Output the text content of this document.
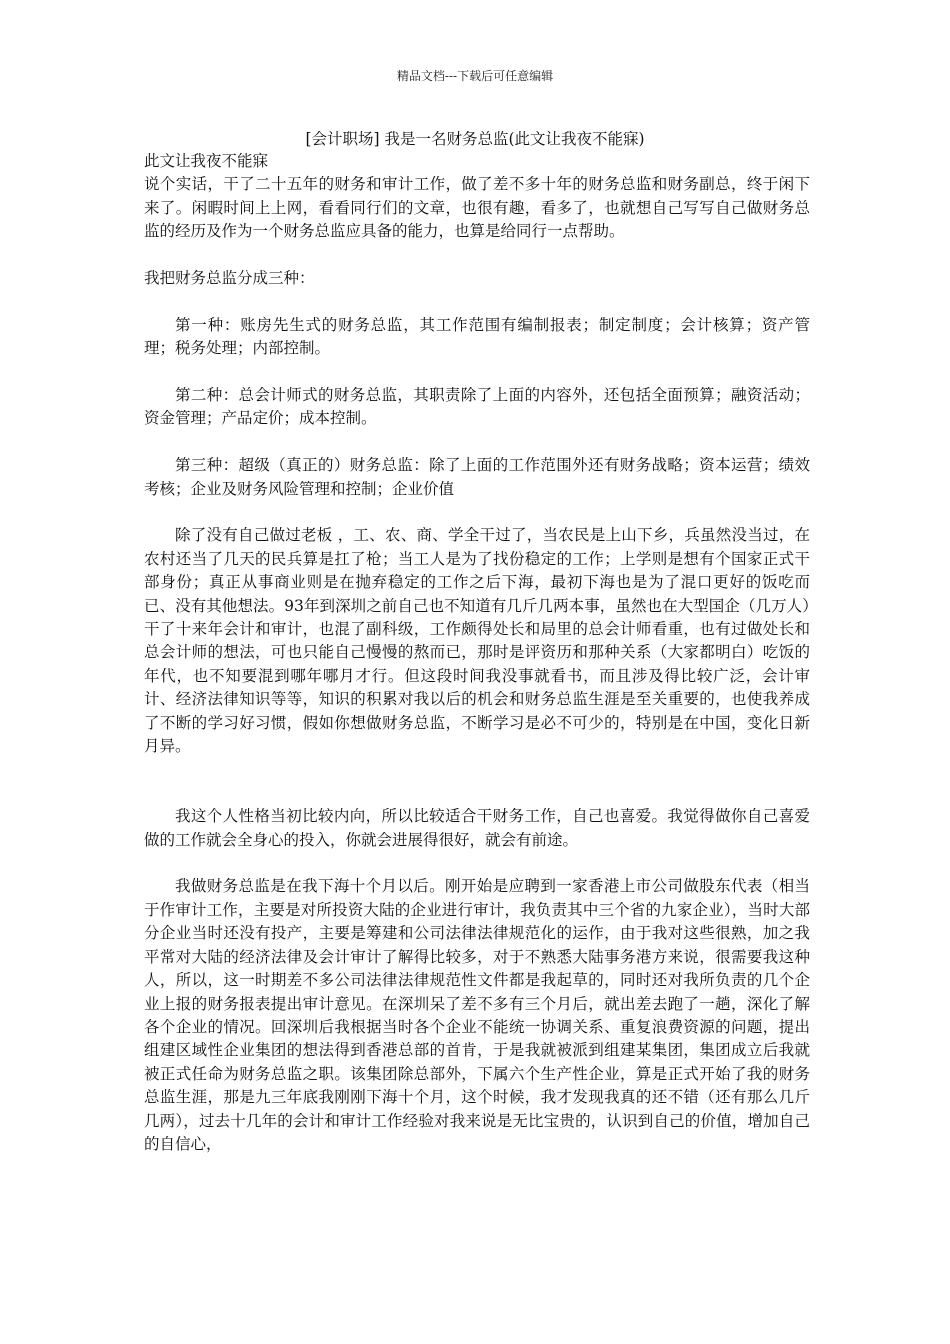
精品文档---下载后可任意编辑
[会计职场] 我是一名财务总监(此文让我夜不能寐)

此文让我夜不能寐

说个实话，干了二十五年的财务和审计工作，做了差不多十年的财务总监和财务副总，终于闲下来了。闲暇时间上上网，看看同行们的文章，也很有趣，看多了，也就想自己写写自己做财务总监的经历及作为一个财务总监应具备的能力，也算是给同行一点帮助。

我把财务总监分成三种：

第一种：账房先生式的财务总监，其工作范围有编制报表；制定制度；会计核算；资产管理；税务处理；内部控制。

第二种：总会计师式的财务总监，其职责除了上面的内容外，还包括全面预算；融资活动；资金管理；产品定价；成本控制。

第三种：超级（真正的）财务总监：除了上面的工作范围外还有财务战略；资本运营；绩效考核；企业及财务风险管理和控制；企业价值

除了没有自己做过老板 ，工、农、商、学全干过了，当农民是上山下乡，兵虽然没当过，在农村还当了几天的民兵算是扛了枪；当工人是为了找份稳定的工作；上学则是想有个国家正式干部身份；真正从事商业则是在抛弃稳定的工作之后下海，最初下海也是为了混口更好的饭吃而已、没有其他想法。93年到深圳之前自己也不知道有几斤几两本事，虽然也在大型国企（几万人）干了十来年会计和审计，也混了副科级，工作颇得处长和局里的总会计师看重，也有过做处长和总会计师的想法，可也只能自己慢慢的熬而已，那时是评资历和那种关系（大家都明白）吃饭的年代，也不知要混到哪年哪月才行。但这段时间我没事就看书，而且涉及得比较广泛，会计审计、经济法律知识等等，知识的积累对我以后的机会和财务总监生涯是至关重要的，也使我养成了不断的学习好习惯，假如你想做财务总监，不断学习是必不可少的，特别是在中国，变化日新月异。

我这个人性格当初比较内向，所以比较适合干财务工作，自己也喜爱。我觉得做你自己喜爱做的工作就会全身心的投入，你就会进展得很好，就会有前途。

我做财务总监是在我下海十个月以后。刚开始是应聘到一家香港上市公司做股东代表（相当于作审计工作，主要是对所投资大陆的企业进行审计，我负责其中三个省的九家企业），当时大部分企业当时还没有投产，主要是筹建和公司法律法律规范化的运作，由于我对这些很熟，加之我平常对大陆的经济法律及会计审计了解得比较多，对于不熟悉大陆事务港方来说，很需要我这种人，所以，这一时期差不多公司法律法律规范性文件都是我起草的，同时还对我所负责的几个企业上报的财务报表提出审计意见。在深圳呆了差不多有三个月后，就出差去跑了一趟，深化了解各个企业的情况。回深圳后我根据当时各个企业不能统一协调关系、重复浪费资源的问题，提出组建区域性企业集团的想法得到香港总部的首肯，于是我就被派到组建某集团，集团成立后我就被正式任命为财务总监之职。该集团除总部外，下属六个生产性企业，算是正式开始了我的财务总监生涯，那是九三年底我刚刚下海十个月，这个时候，我才发现我真的还不错（还有那么几斤几两），过去十几年的会计和审计工作经验对我来说是无比宝贵的，认识到自己的价值，增加自己的自信心，
